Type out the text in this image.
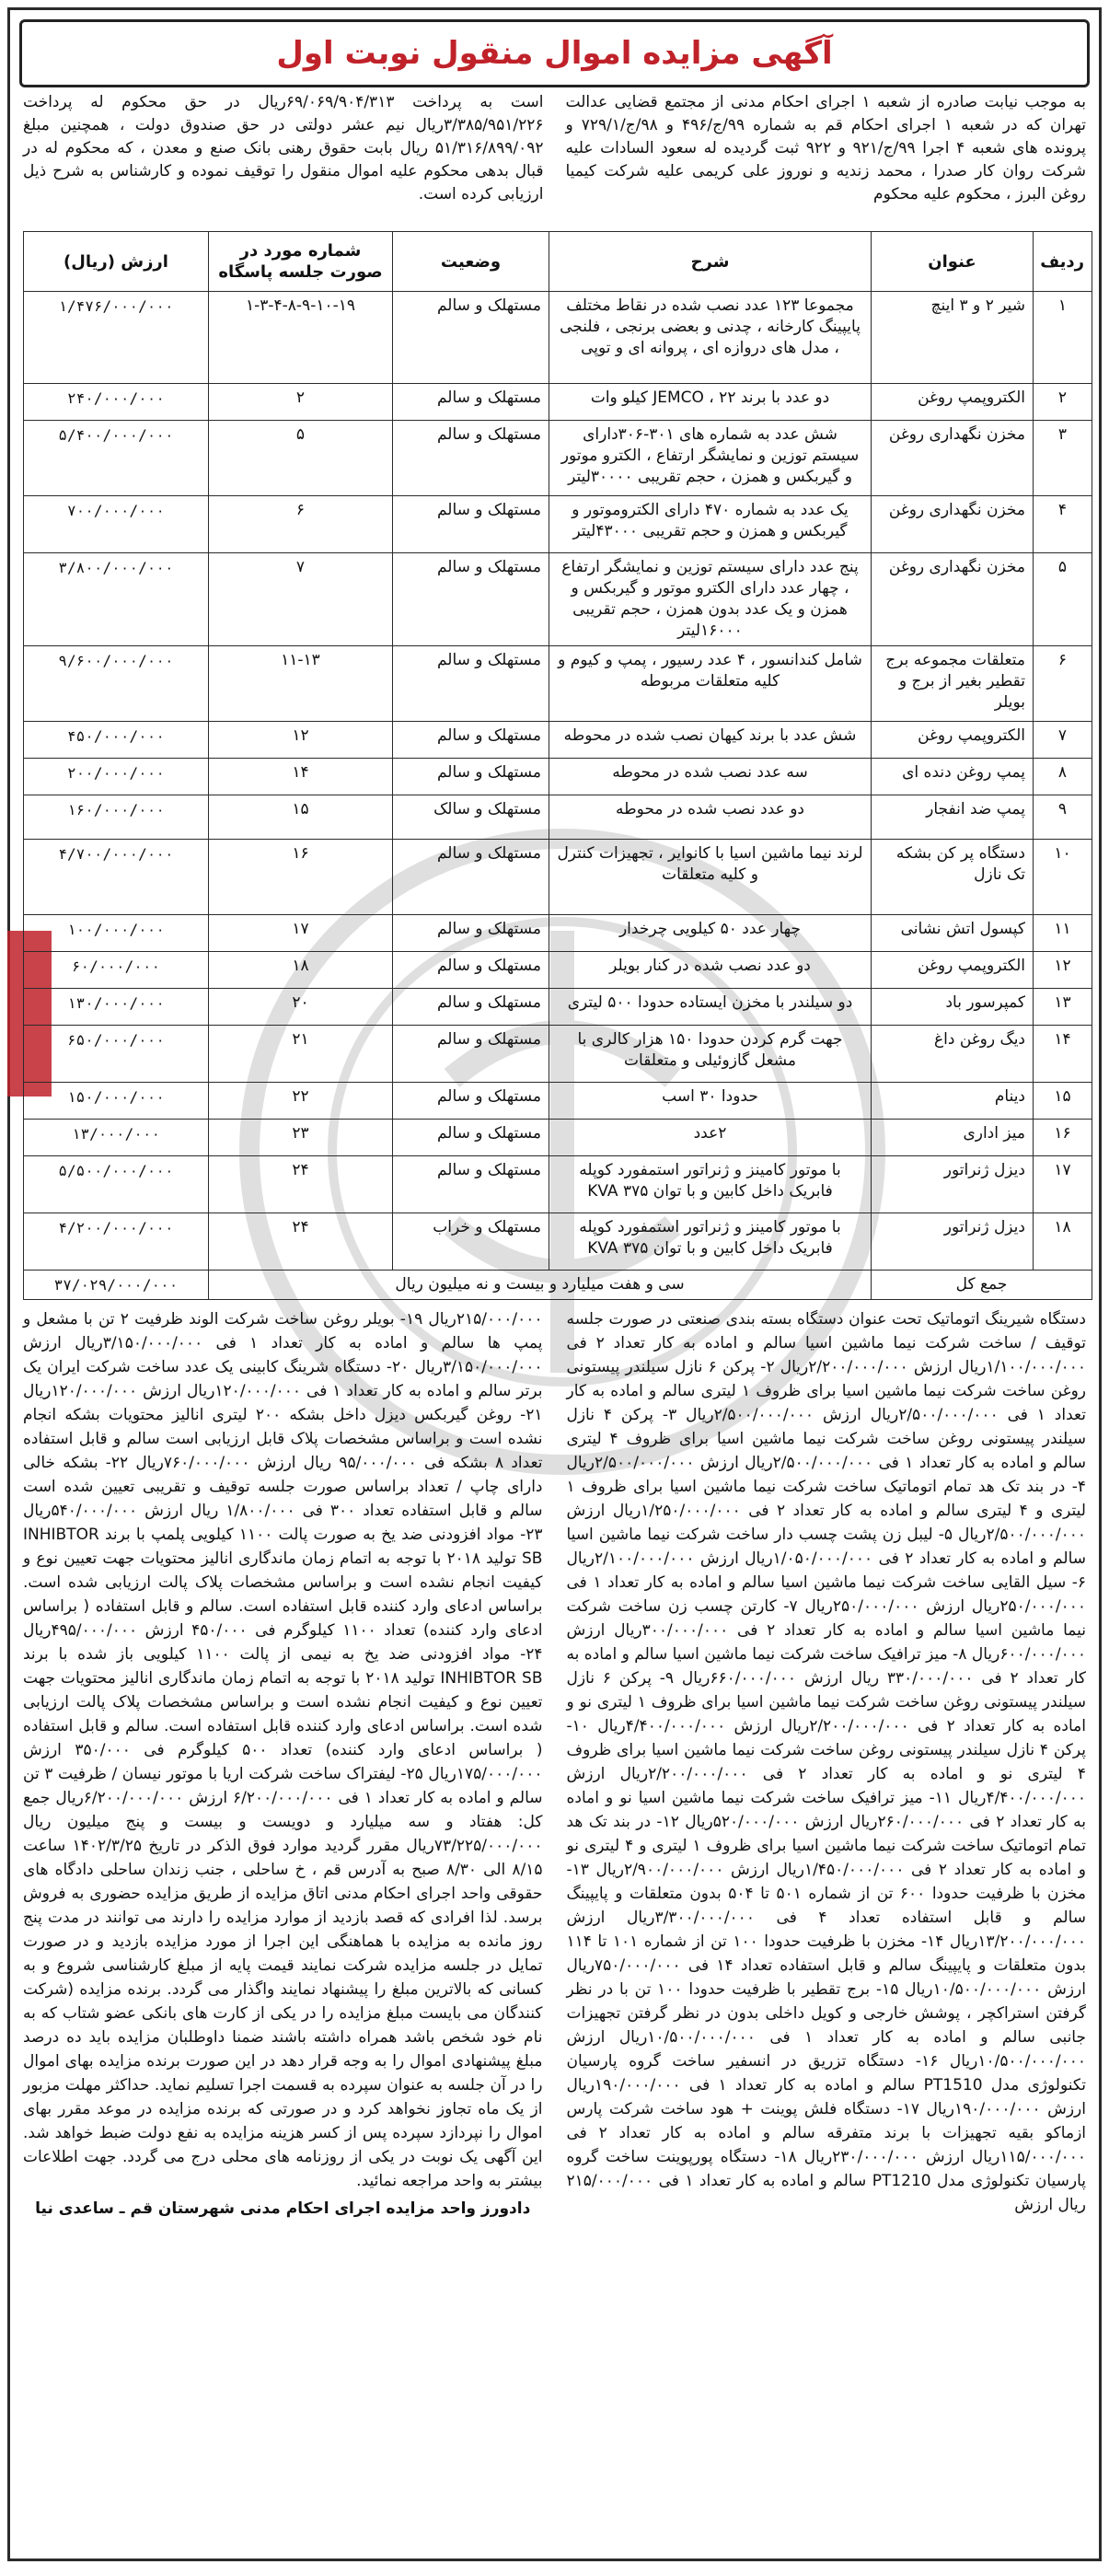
آگهی مزایده اموال منقول نوبت اول

به موجب نیابت صادره از شعبه ۱ اجرای احکام مدنی از مجتمع قضایی عدالت تهران که در شعبه ۱ اجرای احکام قم به شماره ۹۹/ج/۴۹۶ و ۹۸/ج/۷۲۹/۱ و پرونده های شعبه ۴ اجرا ۹۹/ج/۹۲۱ و ۹۲۲ ثبت گردیده له سعود السادات علیه شرکت روان کار صدرا ، محمد زندیه و نوروز علی کریمی علیه شرکت کیمیا روغن البرز ، محکوم علیه محکوم

است به پرداخت ۶۹/۰۶۹/۹۰۴/۳۱۳ریال در حق محکوم له پرداخت ۳/۳۸۵/۹۵۱/۲۲۶ریال نیم عشر دولتی در حق صندوق دولت ، همچنین مبلغ ۵۱/۳۱۶/۸۹۹/۰۹۲ ریال بابت حقوق رهنی بانک صنع و معدن ، که محکوم له در قبال بدهی محکوم علیه اموال منقول را توقیف نموده و کارشناس به شرح ذیل ارزیابی کرده است.

ردیف	عنوان	شرح	وضعیت	شماره مورد در صورت جلسه پاسگاه	ارزش (ریال)
۱	شیر ۲ و ۳ اینچ	مجموعا ۱۲۳ عدد نصب شده در نقاط مختلف پایپینگ کارخانه ، چدنی و بعضی برنجی ، فلنجی ، مدل های دروازه ای ، پروانه ای و توپی	مستهلک و سالم	۱-۳-۴-۸-۹-۱۰-۱۹	۱/۴۷۶/۰۰۰/۰۰۰
۲	الکتروپمپ روغن	دو عدد با برند JEMCO ، ۲۲ کیلو وات	مستهلک و سالم	۲	۲۴۰/۰۰۰/۰۰۰
۳	مخزن نگهداری روغن	شش عدد به شماره های ۳۰۱-۳۰۶دارای سیستم توزین و نمایشگر ارتفاع ، الکترو موتور و گیربکس و همزن ، حجم تقریبی ۳۰۰۰۰لیتر	مستهلک و سالم	۵	۵/۴۰۰/۰۰۰/۰۰۰
۴	مخزن نگهداری روغن	یک عدد به شماره ۴۷۰ دارای الکتروموتور و گیربکس و همزن و حجم تقریبی ۴۳۰۰۰لیتر	مستهلک و سالم	۶	۷۰۰/۰۰۰/۰۰۰
۵	مخزن نگهداری روغن	پنج عدد دارای سیستم توزین و نمایشگر ارتفاع ، چهار عدد دارای الکترو موتور و گیربکس و همزن و یک عدد بدون همزن ، حجم تقریبی ۱۶۰۰۰لیتر	مستهلک و سالم	۷	۳/۸۰۰/۰۰۰/۰۰۰
۶	متعلقات مجموعه برج تقطیر بغیر از برج و بویلر	شامل کندانسور ، ۴ عدد رسیور ، پمپ و کیوم و کلیه متعلقات مربوطه	مستهلک و سالم	۱۱-۱۳	۹/۶۰۰/۰۰۰/۰۰۰
۷	الکتروپمپ روغن	شش عدد با برند کیهان نصب شده در محوطه	مستهلک و سالم	۱۲	۴۵۰/۰۰۰/۰۰۰
۸	پمپ روغن دنده ای	سه عدد نصب شده در محوطه	مستهلک و سالم	۱۴	۲۰۰/۰۰۰/۰۰۰
۹	پمپ ضد انفجار	دو عدد نصب شده در محوطه	مستهلک و سالک	۱۵	۱۶۰/۰۰۰/۰۰۰
۱۰	دستگاه پر کن بشکه تک نازل	لرند نیما ماشین اسیا با کانوایر ، تجهیزات کنترل و کلیه متعلقات	مستهلک و سالم	۱۶	۴/۷۰۰/۰۰۰/۰۰۰
۱۱	کپسول اتش نشانی	چهار عدد ۵۰ کیلویی چرخدار	مستهلک و سالم	۱۷	۱۰۰/۰۰۰/۰۰۰
۱۲	الکتروپمپ روغن	دو عدد نصب شده در کنار بویلر	مستهلک و سالم	۱۸	۶۰/۰۰۰/۰۰۰
۱۳	کمپرسور باد	دو سیلندر با مخزن ایستاده حدودا ۵۰۰ لیتری	مستهلک و سالم	۲۰	۱۳۰/۰۰۰/۰۰۰
۱۴	دیگ روغن داغ	جهت گرم کردن حدودا ۱۵۰ هزار کالری با مشعل گازوئیلی و متعلقات	مستهلک و سالم	۲۱	۶۵۰/۰۰۰/۰۰۰
۱۵	دینام	حدودا ۳۰ اسب	مستهلک و سالم	۲۲	۱۵۰/۰۰۰/۰۰۰
۱۶	میز اداری	۲عدد	مستهلک و سالم	۲۳	۱۳/۰۰۰/۰۰۰
۱۷	دیزل ژنراتور	با موتور کامینز و ژنراتور استمفورد کوپله فابریک داخل کابین و با توان ۳۷۵ KVA	مستهلک و سالم	۲۴	۵/۵۰۰/۰۰۰/۰۰۰
۱۸	دیزل ژنراتور	با موتور کامینز و ژنراتور استمفورد کوپله فابریک داخل کابین و با توان ۳۷۵ KVA	مستهلک و خراب	۲۴	۴/۲۰۰/۰۰۰/۰۰۰
جمع کل		سی و هفت میلیارد و بیست و نه میلیون ریال			۳۷/۰۲۹/۰۰۰/۰۰۰

دستگاه شیرینگ اتوماتیک تحت عنوان دستگاه بسته بندی صنعتی در صورت جلسه توقیف / ساخت شرکت نیما ماشین اسیا سالم و اماده به کار تعداد ۲ فی ۱/۱۰۰/۰۰۰/۰۰۰ریال ارزش ۲/۲۰۰/۰۰۰/۰۰۰ریال ۲- پرکن ۶ نازل سیلندر پیستونی روغن ساخت شرکت نیما ماشین اسیا برای ظروف ۱ لیتری سالم و اماده به کار تعداد ۱ فی ۲/۵۰۰/۰۰۰/۰۰۰ریال ارزش ۲/۵۰۰/۰۰۰/۰۰۰ریال ۳- پرکن ۴ نازل سیلندر پیستونی روغن ساخت شرکت نیما ماشین اسیا برای ظروف ۴ لیتری سالم و اماده به کار تعداد ۱ فی ۲/۵۰۰/۰۰۰/۰۰۰ریال ارزش ۲/۵۰۰/۰۰۰/۰۰۰ریال ۴- در بند تک هد تمام اتوماتیک ساخت شرکت نیما ماشین اسیا برای ظروف ۱ لیتری و ۴ لیتری سالم و اماده به کار تعداد ۲ فی ۱/۲۵۰/۰۰۰/۰۰۰ریال ارزش ۲/۵۰۰/۰۰۰/۰۰۰ریال ۵- لیبل زن پشت چسب دار ساخت شرکت نیما ماشین اسیا سالم و اماده به کار تعداد ۲ فی ۱/۰۵۰/۰۰۰/۰۰۰ریال ارزش ۲/۱۰۰/۰۰۰/۰۰۰ریال ۶- سیل القایی ساخت شرکت نیما ماشین اسیا سالم و اماده به کار تعداد ۱ فی ۲۵۰/۰۰۰/۰۰۰ریال ارزش ۲۵۰/۰۰۰/۰۰۰ریال ۷- کارتن چسب زن ساخت شرکت نیما ماشین اسیا سالم و اماده به کار تعداد ۲ فی ۳۰۰/۰۰۰/۰۰۰ریال ارزش ۶۰۰/۰۰۰/۰۰۰ریال ۸- میز ترافیک ساخت شرکت نیما ماشین اسیا سالم و اماده به کار تعداد ۲ فی ۳۳۰/۰۰۰/۰۰۰ ریال ارزش ۶۶۰/۰۰۰/۰۰۰ریال ۹- پرکن ۶ نازل سیلندر پیستونی روغن ساخت شرکت نیما ماشین اسیا برای ظروف ۱ لیتری نو و اماده به کار تعداد ۲ فی ۲/۲۰۰/۰۰۰/۰۰۰ریال ارزش ۴/۴۰۰/۰۰۰/۰۰۰ریال ۱۰- پرکن ۴ نازل سیلندر پیستونی روغن ساخت شرکت نیما ماشین اسیا برای ظروف ۴ لیتری نو و اماده به کار تعداد ۲ فی ۲/۲۰۰/۰۰۰/۰۰۰ریال ارزش ۴/۴۰۰/۰۰۰/۰۰۰ریال ۱۱- میز ترافیک ساخت شرکت نیما ماشین اسیا نو و اماده به کار تعداد ۲ فی ۲۶۰/۰۰۰/۰۰۰ریال ارزش ۵۲۰/۰۰۰/۰۰۰ریال ۱۲- در بند تک هد تمام اتوماتیک ساخت شرکت نیما ماشین اسیا برای ظروف ۱ لیتری و ۴ لیتری نو و اماده به کار تعداد ۲ فی ۱/۴۵۰/۰۰۰/۰۰۰ریال ارزش ۲/۹۰۰/۰۰۰/۰۰۰ریال ۱۳- مخزن با ظرفیت حدودا ۶۰۰ تن از شماره ۵۰۱ تا ۵۰۴ بدون متعلقات و پایپینگ سالم و قابل استفاده تعداد ۴ فی ۳/۳۰۰/۰۰۰/۰۰۰ریال ارزش ۱۳/۲۰۰/۰۰۰/۰۰۰ریال ۱۴- مخزن با ظرفیت حدودا ۱۰۰ تن از شماره ۱۰۱ تا ۱۱۴ بدون متعلقات و پایپینگ سالم و قابل استفاده تعداد ۱۴ فی ۷۵۰/۰۰۰/۰۰۰ریال ارزش ۱۰/۵۰۰/۰۰۰/۰۰۰ریال ۱۵- برج تقطیر با ظرفیت حدودا ۱۰۰ تن با در نظر گرفتن استراکچر ، پوشش خارجی و کویل داخلی بدون در نظر گرفتن تجهیزات جانبی سالم و اماده به کار تعداد ۱ فی ۱۰/۵۰۰/۰۰۰/۰۰۰ریال ارزش ۱۰/۵۰۰/۰۰۰/۰۰۰ریال ۱۶- دستگاه تزریق در انسفیر ساخت گروه پارسیان تکنولوژی مدل PT1510 سالم و اماده به کار تعداد ۱ فی ۱۹۰/۰۰۰/۰۰۰ریال ارزش ۱۹۰/۰۰۰/۰۰۰ریال ۱۷- دستگاه فلش پوینت + هود ساخت شرکت پارس ازماکو بقیه تجهیزات با برند متفرقه سالم و اماده به کار تعداد ۲ فی ۱۱۵/۰۰۰/۰۰۰ریال ارزش ۲۳۰/۰۰۰/۰۰۰ریال ۱۸- دستگاه پورپوینت ساخت گروه پارسیان تکنولوژی مدل PT1210 سالم و اماده به کار تعداد ۱ فی ۲۱۵/۰۰۰/۰۰۰ ریال ارزش

۲۱۵/۰۰۰/۰۰۰ریال ۱۹- بویلر روغن ساخت شرکت الوند ظرفیت ۲ تن با مشعل و پمپ ها سالم و اماده به کار تعداد ۱ فی ۳/۱۵۰/۰۰۰/۰۰۰ریال ارزش ۳/۱۵۰/۰۰۰/۰۰۰ریال ۲۰- دستگاه شرینگ کابینی یک عدد ساخت شرکت ایران یک برتر سالم و اماده به کار تعداد ۱ فی ۱۲۰/۰۰۰/۰۰۰ریال ارزش ۱۲۰/۰۰۰/۰۰۰ریال ۲۱- روغن گیربکس دیزل داخل بشکه ۲۰۰ لیتری انالیز محتویات بشکه انجام نشده است و براساس مشخصات پلاک قابل ارزیابی است سالم و قابل استفاده تعداد ۸ بشکه فی ۹۵/۰۰۰/۰۰۰ ریال ارزش ۷۶۰/۰۰۰/۰۰۰ریال ۲۲- بشکه خالی دارای چاپ / تعداد براساس صورت جلسه توقیف و تقریبی تعیین شده است سالم و قابل استفاده تعداد ۳۰۰ فی ۱/۸۰۰/۰۰۰ ریال ارزش ۵۴۰/۰۰۰/۰۰۰ریال ۲۳- مواد افزودنی ضد یخ به صورت پالت ۱۱۰۰ کیلویی پلمپ با برند INHIBTOR SB تولید ۲۰۱۸ با توجه به اتمام زمان ماندگاری انالیز محتویات جهت تعیین نوع و کیفیت انجام نشده است و براساس مشخصات پلاک پالت ارزیابی شده است. براساس ادعای وارد کننده قابل استفاده است. سالم و قابل استفاده ( براساس ادعای وارد کننده) تعداد ۱۱۰۰ کیلوگرم فی ۴۵۰/۰۰۰ ارزش ۴۹۵/۰۰۰/۰۰۰ریال ۲۴- مواد افزودنی ضد یخ به نیمی از پالت ۱۱۰۰ کیلویی باز شده با برند INHIBTOR SB تولید ۲۰۱۸ با توجه به اتمام زمان ماندگاری انالیز محتویات جهت تعیین نوع و کیفیت انجام نشده است و براساس مشخصات پلاک پالت ارزیابی شده است. براساس ادعای وارد کننده قابل استفاده است. سالم و قابل استفاده ( براساس ادعای وارد کننده) تعداد ۵۰۰ کیلوگرم فی ۳۵۰/۰۰۰ ارزش ۱۷۵/۰۰۰/۰۰۰ریال ۲۵- لیفتراک ساخت شرکت اریا با موتور نیسان / ظرفیت ۳ تن سالم و اماده به کار تعداد ۱ فی ۶/۲۰۰/۰۰۰/۰۰۰ ارزش ۶/۲۰۰/۰۰۰/۰۰۰ریال جمع کل: هفتاد و سه میلیارد و دویست و بیست و پنج میلیون ریال ۷۳/۲۲۵/۰۰۰/۰۰۰ریال مقرر گردید موارد فوق الذکر در تاریخ ۱۴۰۲/۳/۲۵ ساعت ۸/۱۵ الی ۸/۳۰ صبح به آدرس قم ، خ ساحلی ، جنب زندان ساحلی دادگاه های حقوقی واحد اجرای احکام مدنی اتاق مزایده از طریق مزایده حضوری به فروش برسد. لذا افرادی که قصد بازدید از موارد مزایده را دارند می توانند در مدت پنج روز مانده به مزایده با هماهنگی این اجرا از مورد مزایده بازدید و در صورت تمایل در جلسه مزایده شرکت نمایند قیمت پایه از مبلغ کارشناسی شروع و به کسانی که بالاترین مبلغ را پیشنهاد نمایند واگذار می گردد. برنده مزایده (شرکت کنندگان می بایست مبلغ مزایده را در یکی از کارت های بانکی عضو شتاب که به نام خود شخص باشد همراه داشته باشند ضمنا داوطلبان مزایده باید ده درصد مبلغ پیشنهادی اموال را به وجه قرار دهد در این صورت برنده مزایده بهای اموال را در آن جلسه به عنوان سپرده به قسمت اجرا تسلیم نماید. حداکثر مهلت مزبور از یک ماه تجاوز نخواهد کرد و در صورتی که برنده مزایده در موعد مقرر بهای اموال را نپردازد سپرده پس از کسر هزینه مزایده به نفع دولت ضبط خواهد شد. این آگهی یک نوبت در یکی از روزنامه های محلی درج می گردد. جهت اطلاعات بیشتر به واحد مراجعه نمائید.

دادورز واحد مزایده اجرای احکام مدنی شهرستان قم ـ ساعدی نیا
